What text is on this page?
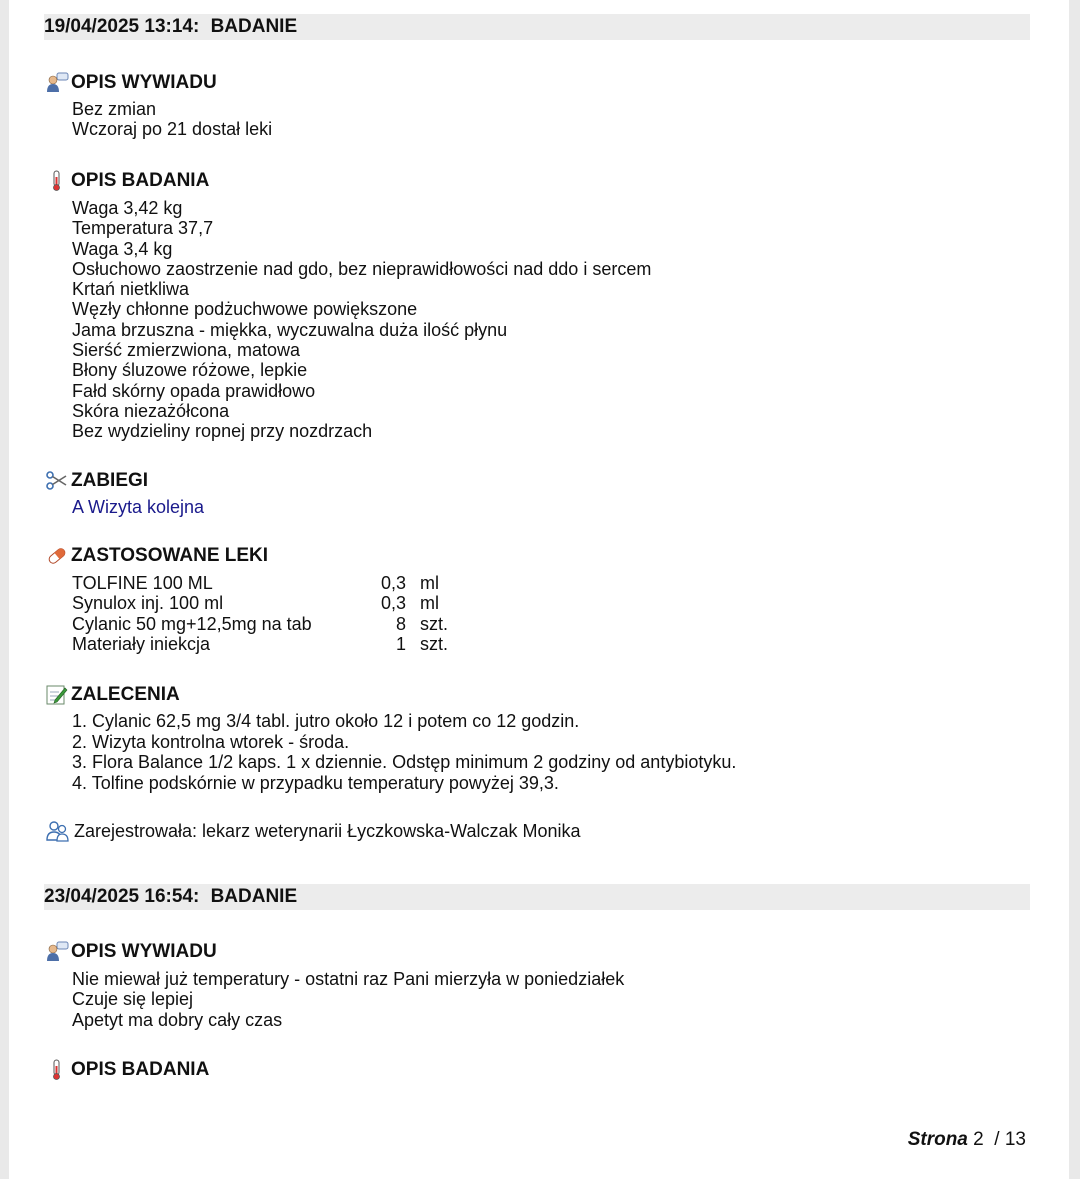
19/04/2025 13:14: BADANIE
OPIS WYWIADU
Bez zmian
Wczoraj po 21 dostał leki
OPIS BADANIA
Waga 3,42 kg
Temperatura 37,7
Waga 3,4 kg
Osłuchowo zaostrzenie nad gdo, bez nieprawidłowości nad ddo i sercem
Krtań nietkliwa
Węzły chłonne podżuchwowe powiększone
Jama brzuszna - miękka, wyczuwalna duża ilość płynu
Sierść zmierzwiona, matowa
Błony śluzowe różowe, lepkie
Fałd skórny opada prawidłowo
Skóra niezażółcona
Bez wydzieliny ropnej przy nozdrzach
ZABIEGI
A Wizyta kolejna
ZASTOSOWANE LEKI
TOLFINE 100 ML	0,3 ml
Synulox inj. 100 ml	0,3 ml
Cylanic 50 mg+12,5mg na tab	8 szt.
Materiały iniekcja	1 szt.
ZALECENIA
1. Cylanic 62,5 mg 3/4 tabl. jutro około 12 i potem co 12 godzin.
2. Wizyta kontrolna wtorek - środa.
3. Flora Balance 1/2 kaps. 1 x dziennie. Odstęp minimum 2 godziny od antybiotyku.
4. Tolfine podskórnie w przypadku temperatury powyżej 39,3.
Zarejestrowała: lekarz weterynarii Łyczkowska-Walczak Monika
23/04/2025 16:54: BADANIE
OPIS WYWIADU
Nie miewał już temperatury - ostatni raz Pani mierzyła w poniedziałek
Czuje się lepiej
Apetyt ma dobry cały czas
OPIS BADANIA
Strona 2 / 13
